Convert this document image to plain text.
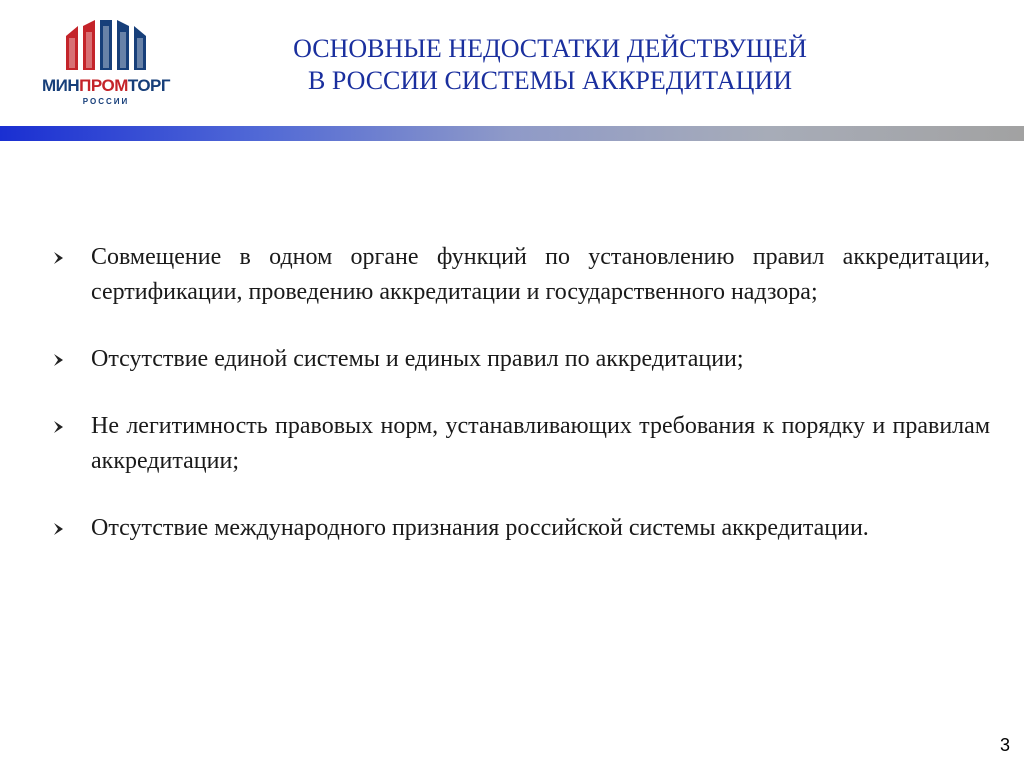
МИНПРОМТОРГ
РОССИИ
ОСНОВНЫЕ НЕДОСТАТКИ ДЕЙСТВУЩЕЙ
В РОССИИ СИСТЕМЫ АККРЕДИТАЦИИ
Совмещение в одном органе функций по установлению правил аккредитации, сертификации, проведению аккредитации и государственного надзора;
Отсутствие единой системы и единых правил по аккредитации;
Не легитимность правовых норм, устанавливающих требования к порядку и правилам аккредитации;
Отсутствие международного признания российской системы аккредитации.
3
